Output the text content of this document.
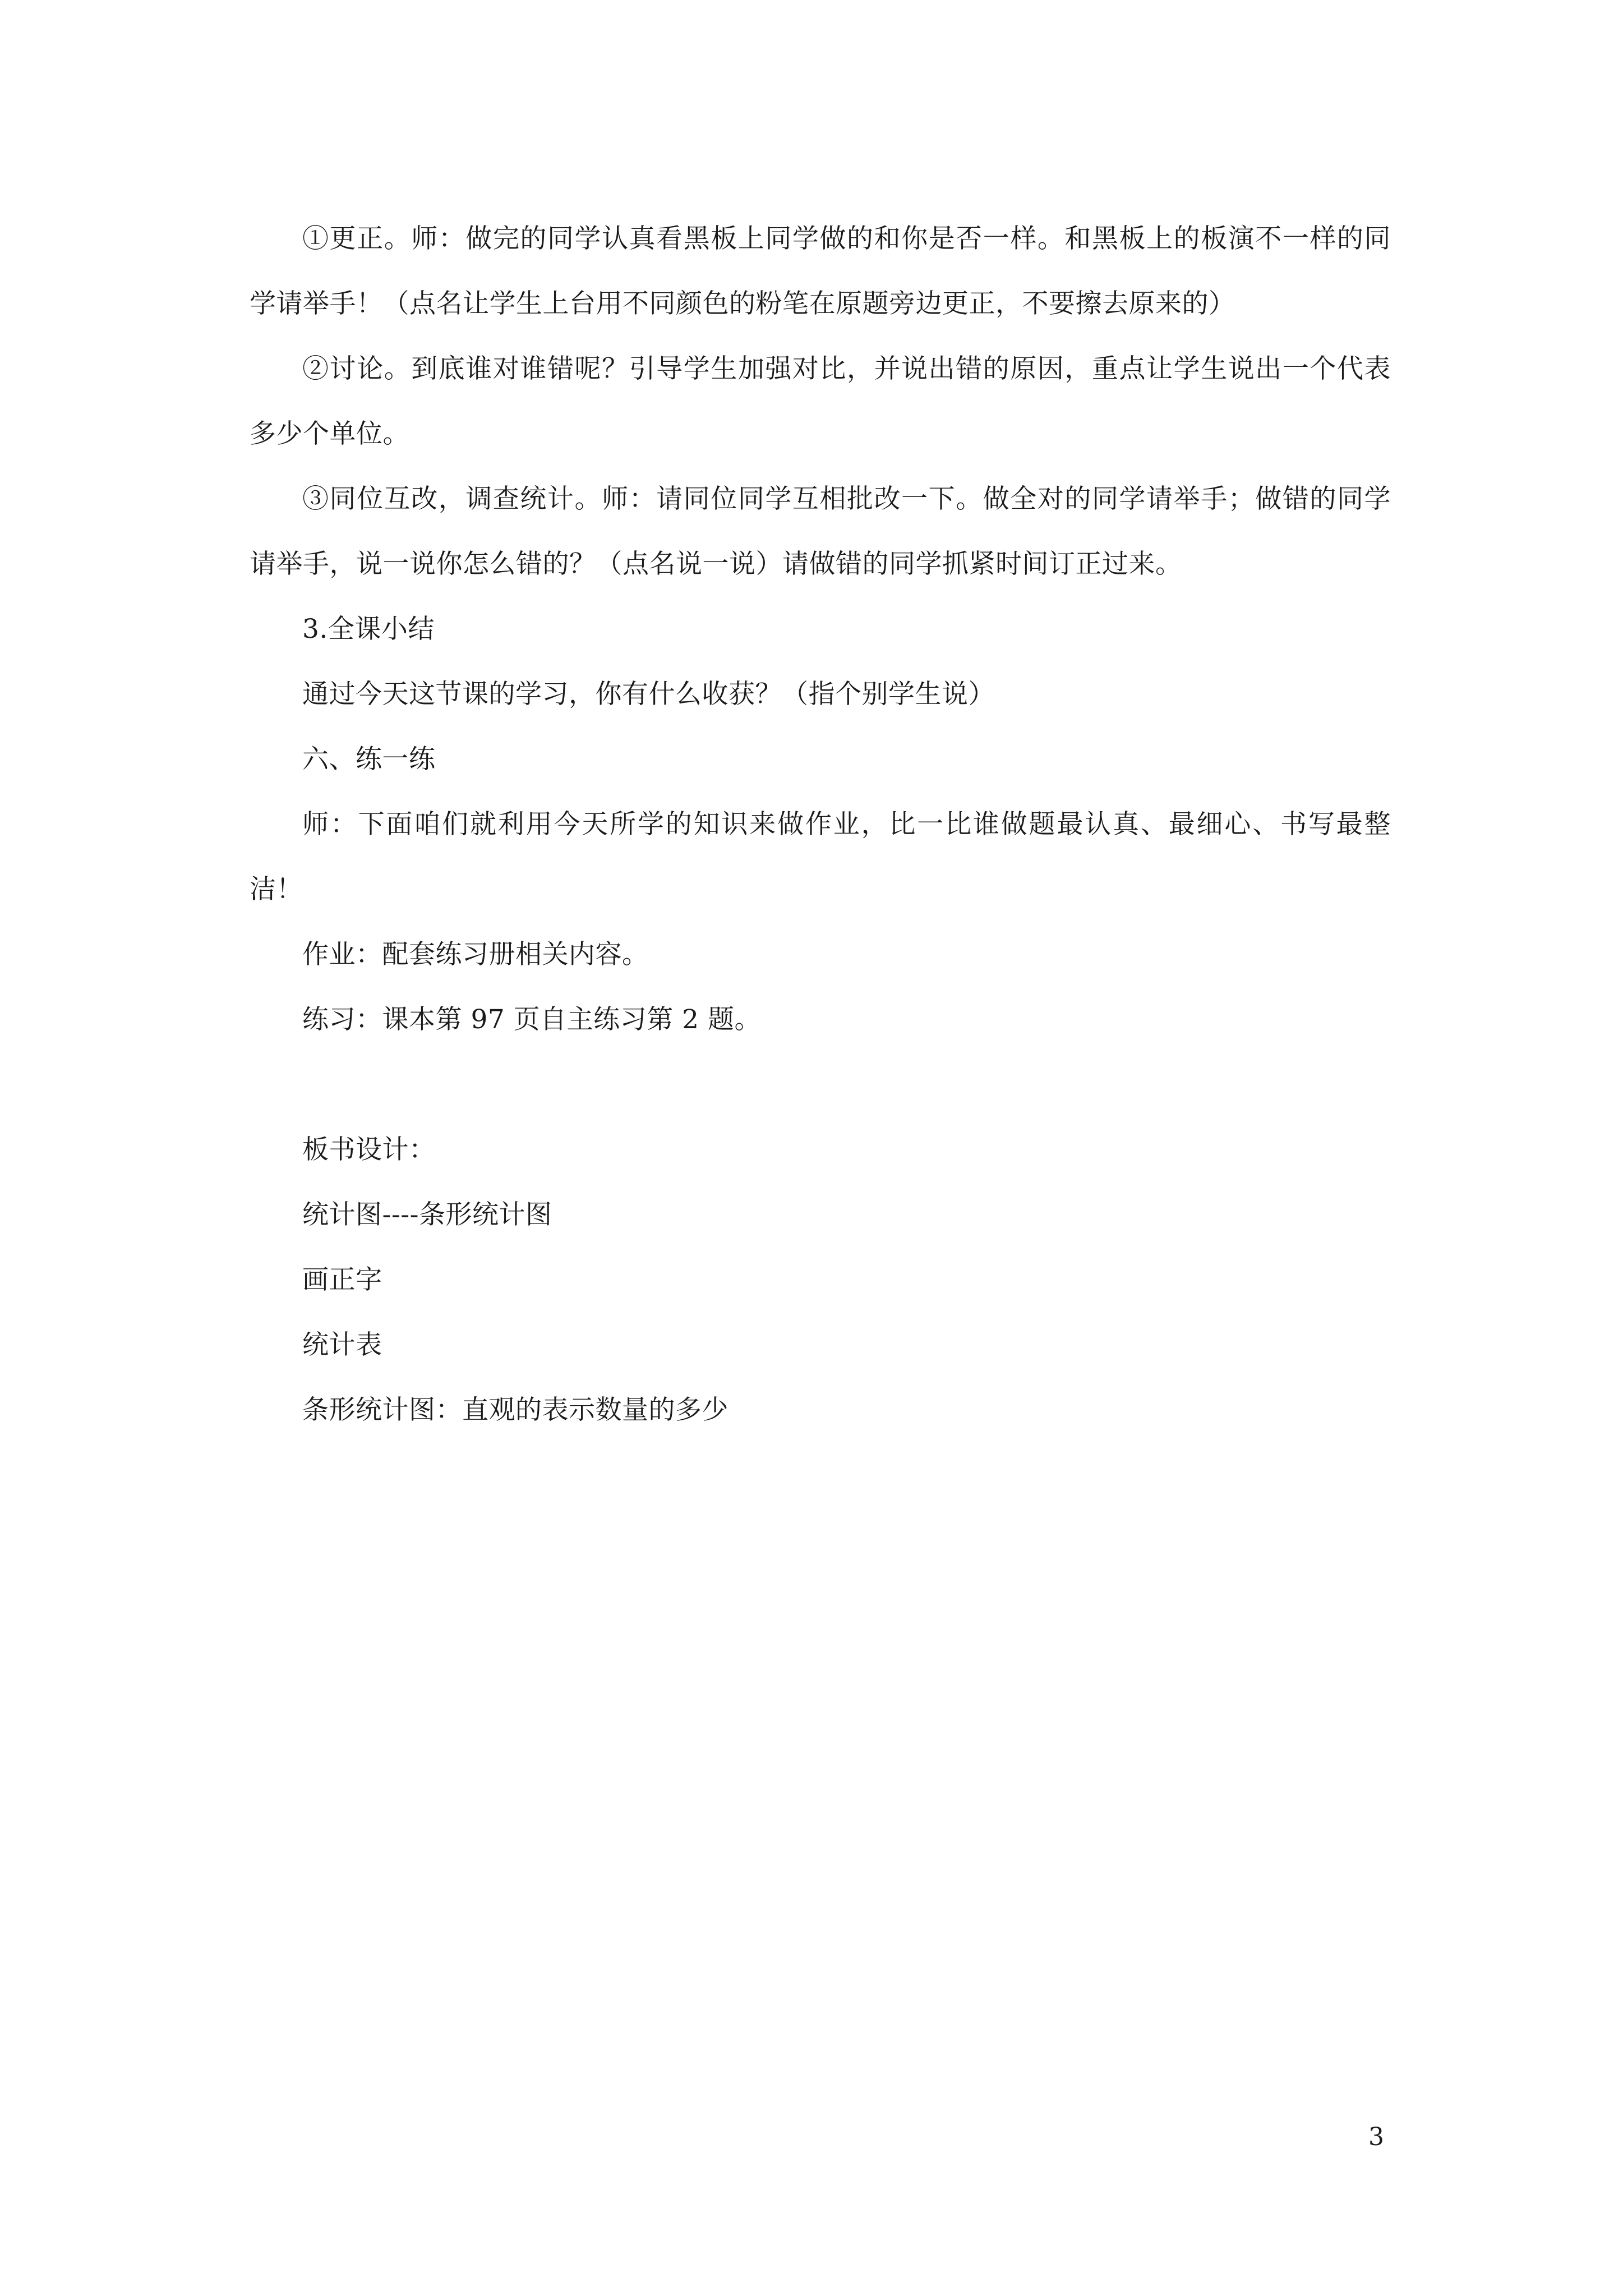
①更正。师：做完的同学认真看黑板上同学做的和你是否一样。和黑板上的板演不一样的同学请举手！（点名让学生上台用不同颜色的粉笔在原题旁边更正，不要擦去原来的）

②讨论。到底谁对谁错呢？引导学生加强对比，并说出错的原因，重点让学生说出一个代表多少个单位。

③同位互改，调查统计。师：请同位同学互相批改一下。做全对的同学请举手；做错的同学请举手，说一说你怎么错的？（点名说一说）请做错的同学抓紧时间订正过来。

3.全课小结

通过今天这节课的学习，你有什么收获？（指个别学生说）

六、练一练

师：下面咱们就利用今天所学的知识来做作业，比一比谁做题最认真、最细心、书写最整洁！

作业：配套练习册相关内容。

练习：课本第 97 页自主练习第 2 题。

板书设计：

统计图----条形统计图

画正字

统计表

条形统计图：直观的表示数量的多少

3
